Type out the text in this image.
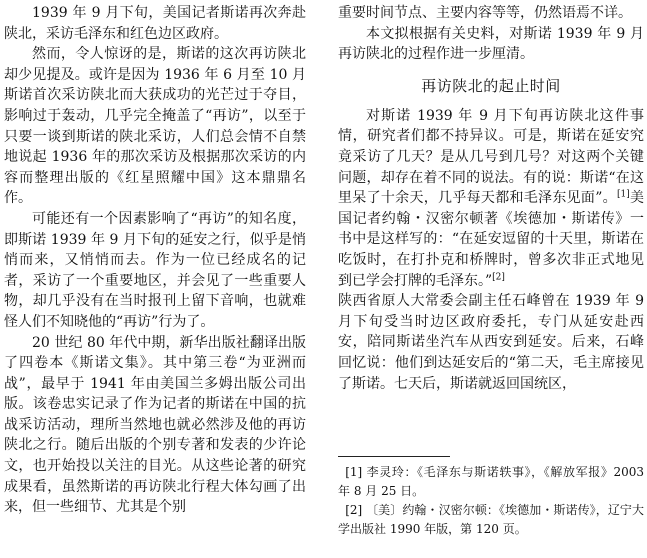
1939 年 9 月下旬，美国记者斯诺再次奔赴陕北，采访毛泽东和红色边区政府。

然而，令人惊讶的是，斯诺的这次再访陕北却少见提及。或许是因为 1936 年 6 月至 10 月斯诺首次采访陕北而大获成功的光芒过于夺目，影响过于轰动，几乎完全掩盖了“再访”，以至于只要一谈到斯诺的陕北采访，人们总会情不自禁地说起 1936 年的那次采访及根据那次采访的内容而整理出版的《红星照耀中国》这本鼎鼎名作。

可能还有一个因素影响了“再访”的知名度，即斯诺 1939 年 9 月下旬的延安之行，似乎是悄悄而来，又悄悄而去。作为一位已经成名的记者，采访了一个重要地区，并会见了一些重要人物，却几乎没有在当时报刊上留下音响，也就难怪人们不知晓他的“再访”行为了。

20 世纪 80 年代中期，新华出版社翻译出版了四卷本《斯诺文集》。其中第三卷“为亚洲而战”，最早于 1941 年由美国兰多姆出版公司出版。该卷忠实记录了作为记者的斯诺在中国的抗战采访活动，理所当然地也就必然涉及他的再访陕北之行。随后出版的个别专著和发表的少许论文，也开始投以关注的目光。从这些论著的研究成果看，虽然斯诺的再访陕北行程大体勾画了出来，但一些细节、尤其是个别

重要时间节点、主要内容等等，仍然语焉不详。

本文拟根据有关史料，对斯诺 1939 年 9 月再访陕北的过程作进一步厘清。

再访陕北的起止时间

对斯诺 1939 年 9 月下旬再访陕北这件事情，研究者们都不持异议。可是，斯诺在延安究竟采访了几天？是从几号到几号？对这两个关键问题，却存在着不同的说法。有的说：斯诺“在这里呆了十余天，几乎每天都和毛泽东见面”。[1]美国记者约翰・汉密尔顿著《埃德加・斯诺传》一书中是这样写的：“在延安逗留的十天里，斯诺在吃饭时，在打扑克和桥牌时，曾多次非正式地见到已学会打牌的毛泽东。”[2]

陕西省原人大常委会副主任石峰曾在 1939 年 9 月下旬受当时边区政府委托，专门从延安赴西安，陪同斯诺坐汽车从西安到延安。后来，石峰回忆说：他们到达延安后的“第二天，毛主席接见了斯诺。七天后，斯诺就返回国统区，

[1] 李灵玲：《毛泽东与斯诺轶事》，《解放军报》2003 年 8 月 25 日。

[2] 〔美〕约翰・汉密尔顿：《埃德加・斯诺传》，辽宁大学出版社 1990 年版，第 120 页。
